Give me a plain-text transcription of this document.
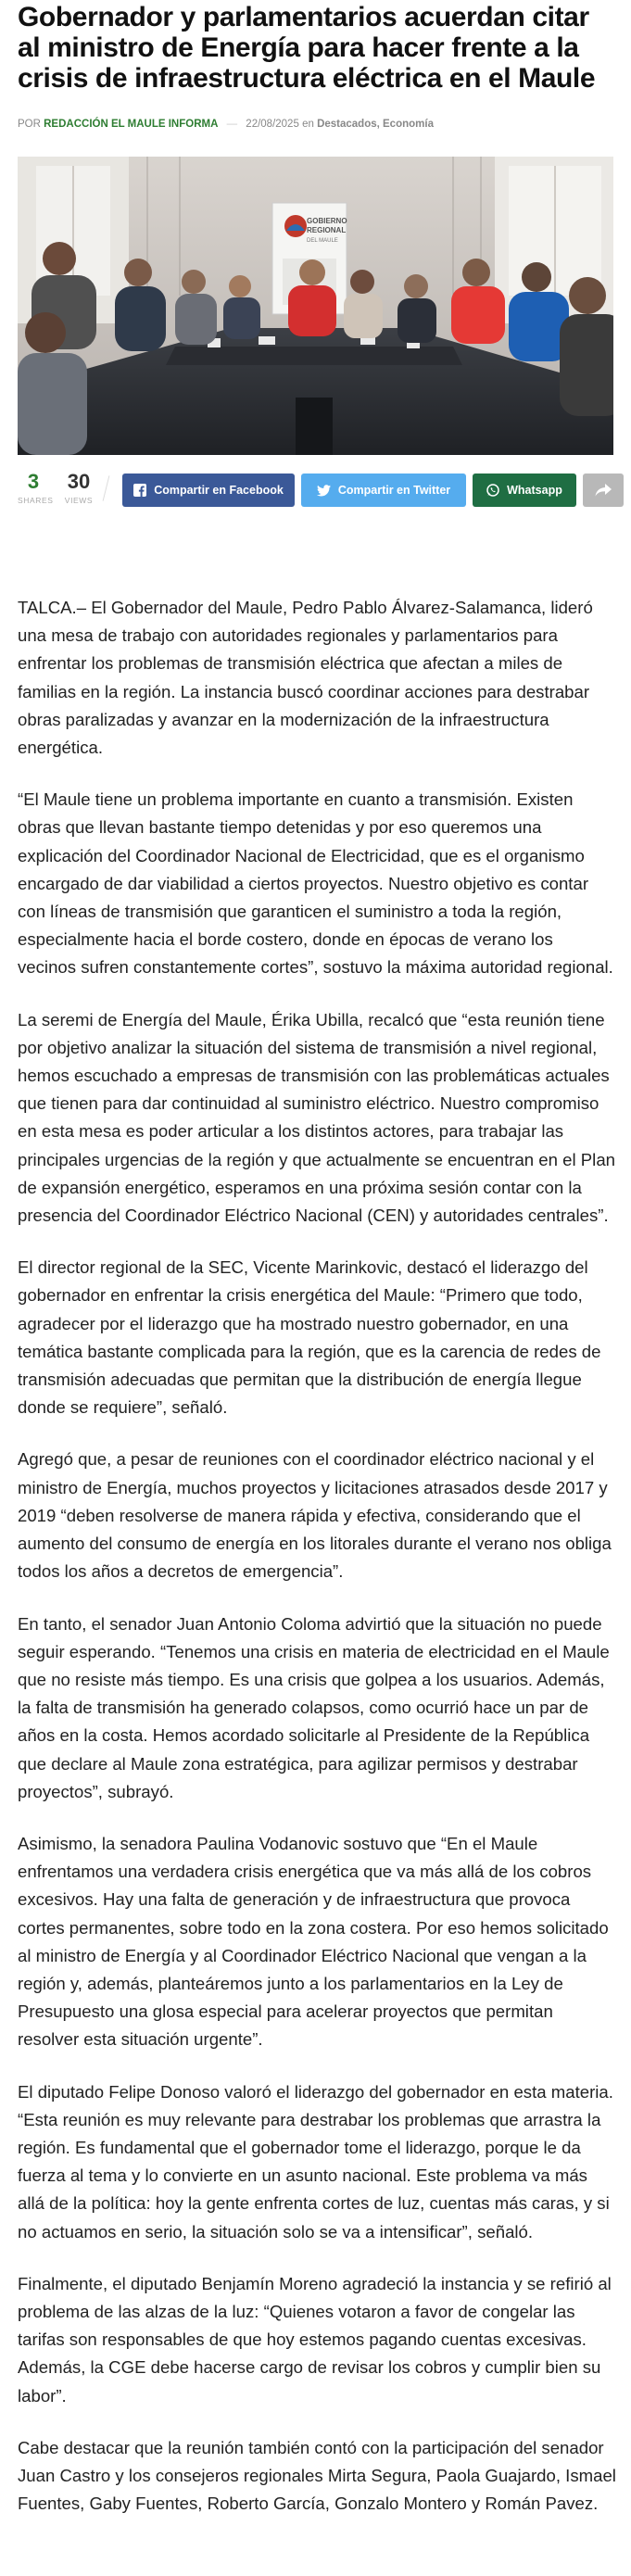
Gobernador y parlamentarios acuerdan citar al ministro de Energía para hacer frente a la crisis de infraestructura eléctrica en el Maule
POR REDACCIÓN EL MAULE INFORMA — 22/08/2025 en Destacados, Economía
GOBIERNO
REGIONAL
DEL MAULE
3
SHARES
30
VIEWS
Compartir en Facebook	Compartir en Twitter	Whatsapp

TALCA.– El Gobernador del Maule, Pedro Pablo Álvarez-Salamanca, lideró una mesa de trabajo con autoridades regionales y parlamentarios para enfrentar los problemas de transmisión eléctrica que afectan a miles de familias en la región. La instancia buscó coordinar acciones para destrabar obras paralizadas y avanzar en la modernización de la infraestructura energética.

“El Maule tiene un problema importante en cuanto a transmisión. Existen obras que llevan bastante tiempo detenidas y por eso queremos una explicación del Coordinador Nacional de Electricidad, que es el organismo encargado de dar viabilidad a ciertos proyectos. Nuestro objetivo es contar con líneas de transmisión que garanticen el suministro a toda la región, especialmente hacia el borde costero, donde en épocas de verano los vecinos sufren constantemente cortes”, sostuvo la máxima autoridad regional.

La seremi de Energía del Maule, Érika Ubilla, recalcó que “esta reunión tiene por objetivo analizar la situación del sistema de transmisión a nivel regional, hemos escuchado a empresas de transmisión con las problemáticas actuales que tienen para dar continuidad al suministro eléctrico. Nuestro compromiso en esta mesa es poder articular a los distintos actores, para trabajar las principales urgencias de la región y que actualmente se encuentran en el Plan de expansión energético, esperamos en una próxima sesión contar con la presencia del Coordinador Eléctrico Nacional (CEN) y autoridades centrales”.

El director regional de la SEC, Vicente Marinkovic, destacó el liderazgo del gobernador en enfrentar la crisis energética del Maule: “Primero que todo, agradecer por el liderazgo que ha mostrado nuestro gobernador, en una temática bastante complicada para la región, que es la carencia de redes de transmisión adecuadas que permitan que la distribución de energía llegue donde se requiere”, señaló.

Agregó que, a pesar de reuniones con el coordinador eléctrico nacional y el ministro de Energía, muchos proyectos y licitaciones atrasados desde 2017 y 2019 “deben resolverse de manera rápida y efectiva, considerando que el aumento del consumo de energía en los litorales durante el verano nos obliga todos los años a decretos de emergencia”.

En tanto, el senador Juan Antonio Coloma advirtió que la situación no puede seguir esperando. “Tenemos una crisis en materia de electricidad en el Maule que no resiste más tiempo. Es una crisis que golpea a los usuarios. Además, la falta de transmisión ha generado colapsos, como ocurrió hace un par de años en la costa. Hemos acordado solicitarle al Presidente de la República que declare al Maule zona estratégica, para agilizar permisos y destrabar proyectos”, subrayó.

Asimismo, la senadora Paulina Vodanovic sostuvo que “En el Maule enfrentamos una verdadera crisis energética que va más allá de los cobros excesivos. Hay una falta de generación y de infraestructura que provoca cortes permanentes, sobre todo en la zona costera. Por eso hemos solicitado al ministro de Energía y al Coordinador Eléctrico Nacional que vengan a la región y, además, planteáremos junto a los parlamentarios en la Ley de Presupuesto una glosa especial para acelerar proyectos que permitan resolver esta situación urgente”.

El diputado Felipe Donoso valoró el liderazgo del gobernador en esta materia. “Esta reunión es muy relevante para destrabar los problemas que arrastra la región. Es fundamental que el gobernador tome el liderazgo, porque le da fuerza al tema y lo convierte en un asunto nacional. Este problema va más allá de la política: hoy la gente enfrenta cortes de luz, cuentas más caras, y si no actuamos en serio, la situación solo se va a intensificar”, señaló.

Finalmente, el diputado Benjamín Moreno agradeció la instancia y se refirió al problema de las alzas de la luz: “Quienes votaron a favor de congelar las tarifas son responsables de que hoy estemos pagando cuentas excesivas. Además, la CGE debe hacerse cargo de revisar los cobros y cumplir bien su labor”.

Cabe destacar que la reunión también contó con la participación del senador Juan Castro y los consejeros regionales Mirta Segura, Paola Guajardo, Ismael Fuentes, Gaby Fuentes, Roberto García, Gonzalo Montero y Román Pavez.
